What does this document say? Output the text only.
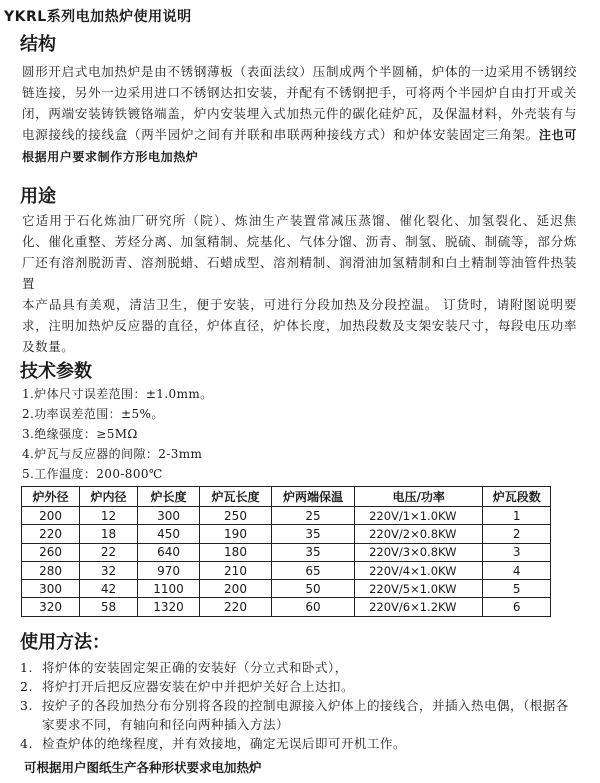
YKRL系列电加热炉使用说明
结构
圆形开启式电加热炉是由不锈钢薄板（表面法纹）压制成两个半圆桶，炉体的一边采用不锈钢绞链连接，另外一边采用进口不锈钢达扣安装，并配有不锈钢把手，可将两个半园炉自由打开或关闭，两端安装铸铁镀铬端盖，炉内安装埋入式加热元件的碳化硅炉瓦，及保温材料，外壳装有与电源接线的接线盒（两半园炉之间有并联和串联两种接线方式）和炉体安装固定三角架。注也可根据用户要求制作方形电加热炉
用途

它适用于石化炼油厂研究所（院）、炼油生产装置常减压蒸馏、催化裂化、加氢裂化、延迟焦化、催化重整、芳烃分离、加氢精制、烷基化、气体分馏、沥青、制氢、脱硫、制硫等，部分炼厂还有溶剂脱沥青、溶剂脱蜡、石蜡成型、溶剂精制、润滑油加氢精制和白土精制等油管件热装置

本产品具有美观，清洁卫生，便于安装，可进行分段加热及分段控温。 订货时，请附图说明要求，注明加热炉反应器的直径，炉体直径，炉体长度，加热段数及支架安装尺寸，每段电压功率及数量。

技术参数
1.炉体尺寸误差范围：±1.0mm。
2.功率误差范围：±5%。
3.绝缘强度：≥5MΩ
4.炉瓦与反应器的间隙：2-3mm
5.工作温度：200-800℃
炉外径	炉内径	炉长度	炉瓦长度	炉两端保温	电压/功率	炉瓦段数
200	12	300	250	25	220V/1×1.0KW	1
220	18	450	190	35	220V/2×0.8KW	2
260	22	640	180	35	220V/3×0.8KW	3
280	32	970	210	65	220V/4×1.0KW	4
300	42	1100	200	50	220V/5×1.0KW	5
320	58	1320	220	60	220V/6×1.2KW	6
使用方法：
1. 将炉体的安装固定架正确的安装好（分立式和卧式），
2. 将炉打开后把反应器安装在炉中并把炉关好合上达扣。
3. 按炉子的各段加热分布分别将各段的控制电源接入炉体上的接线合，并插入热电偶，（根据各家要求不同，有轴向和径向两种插入方法）
4. 检查炉体的绝缘程度，并有效接地，确定无误后即可开机工作。
可根据用户图纸生产各种形状要求电加热炉
